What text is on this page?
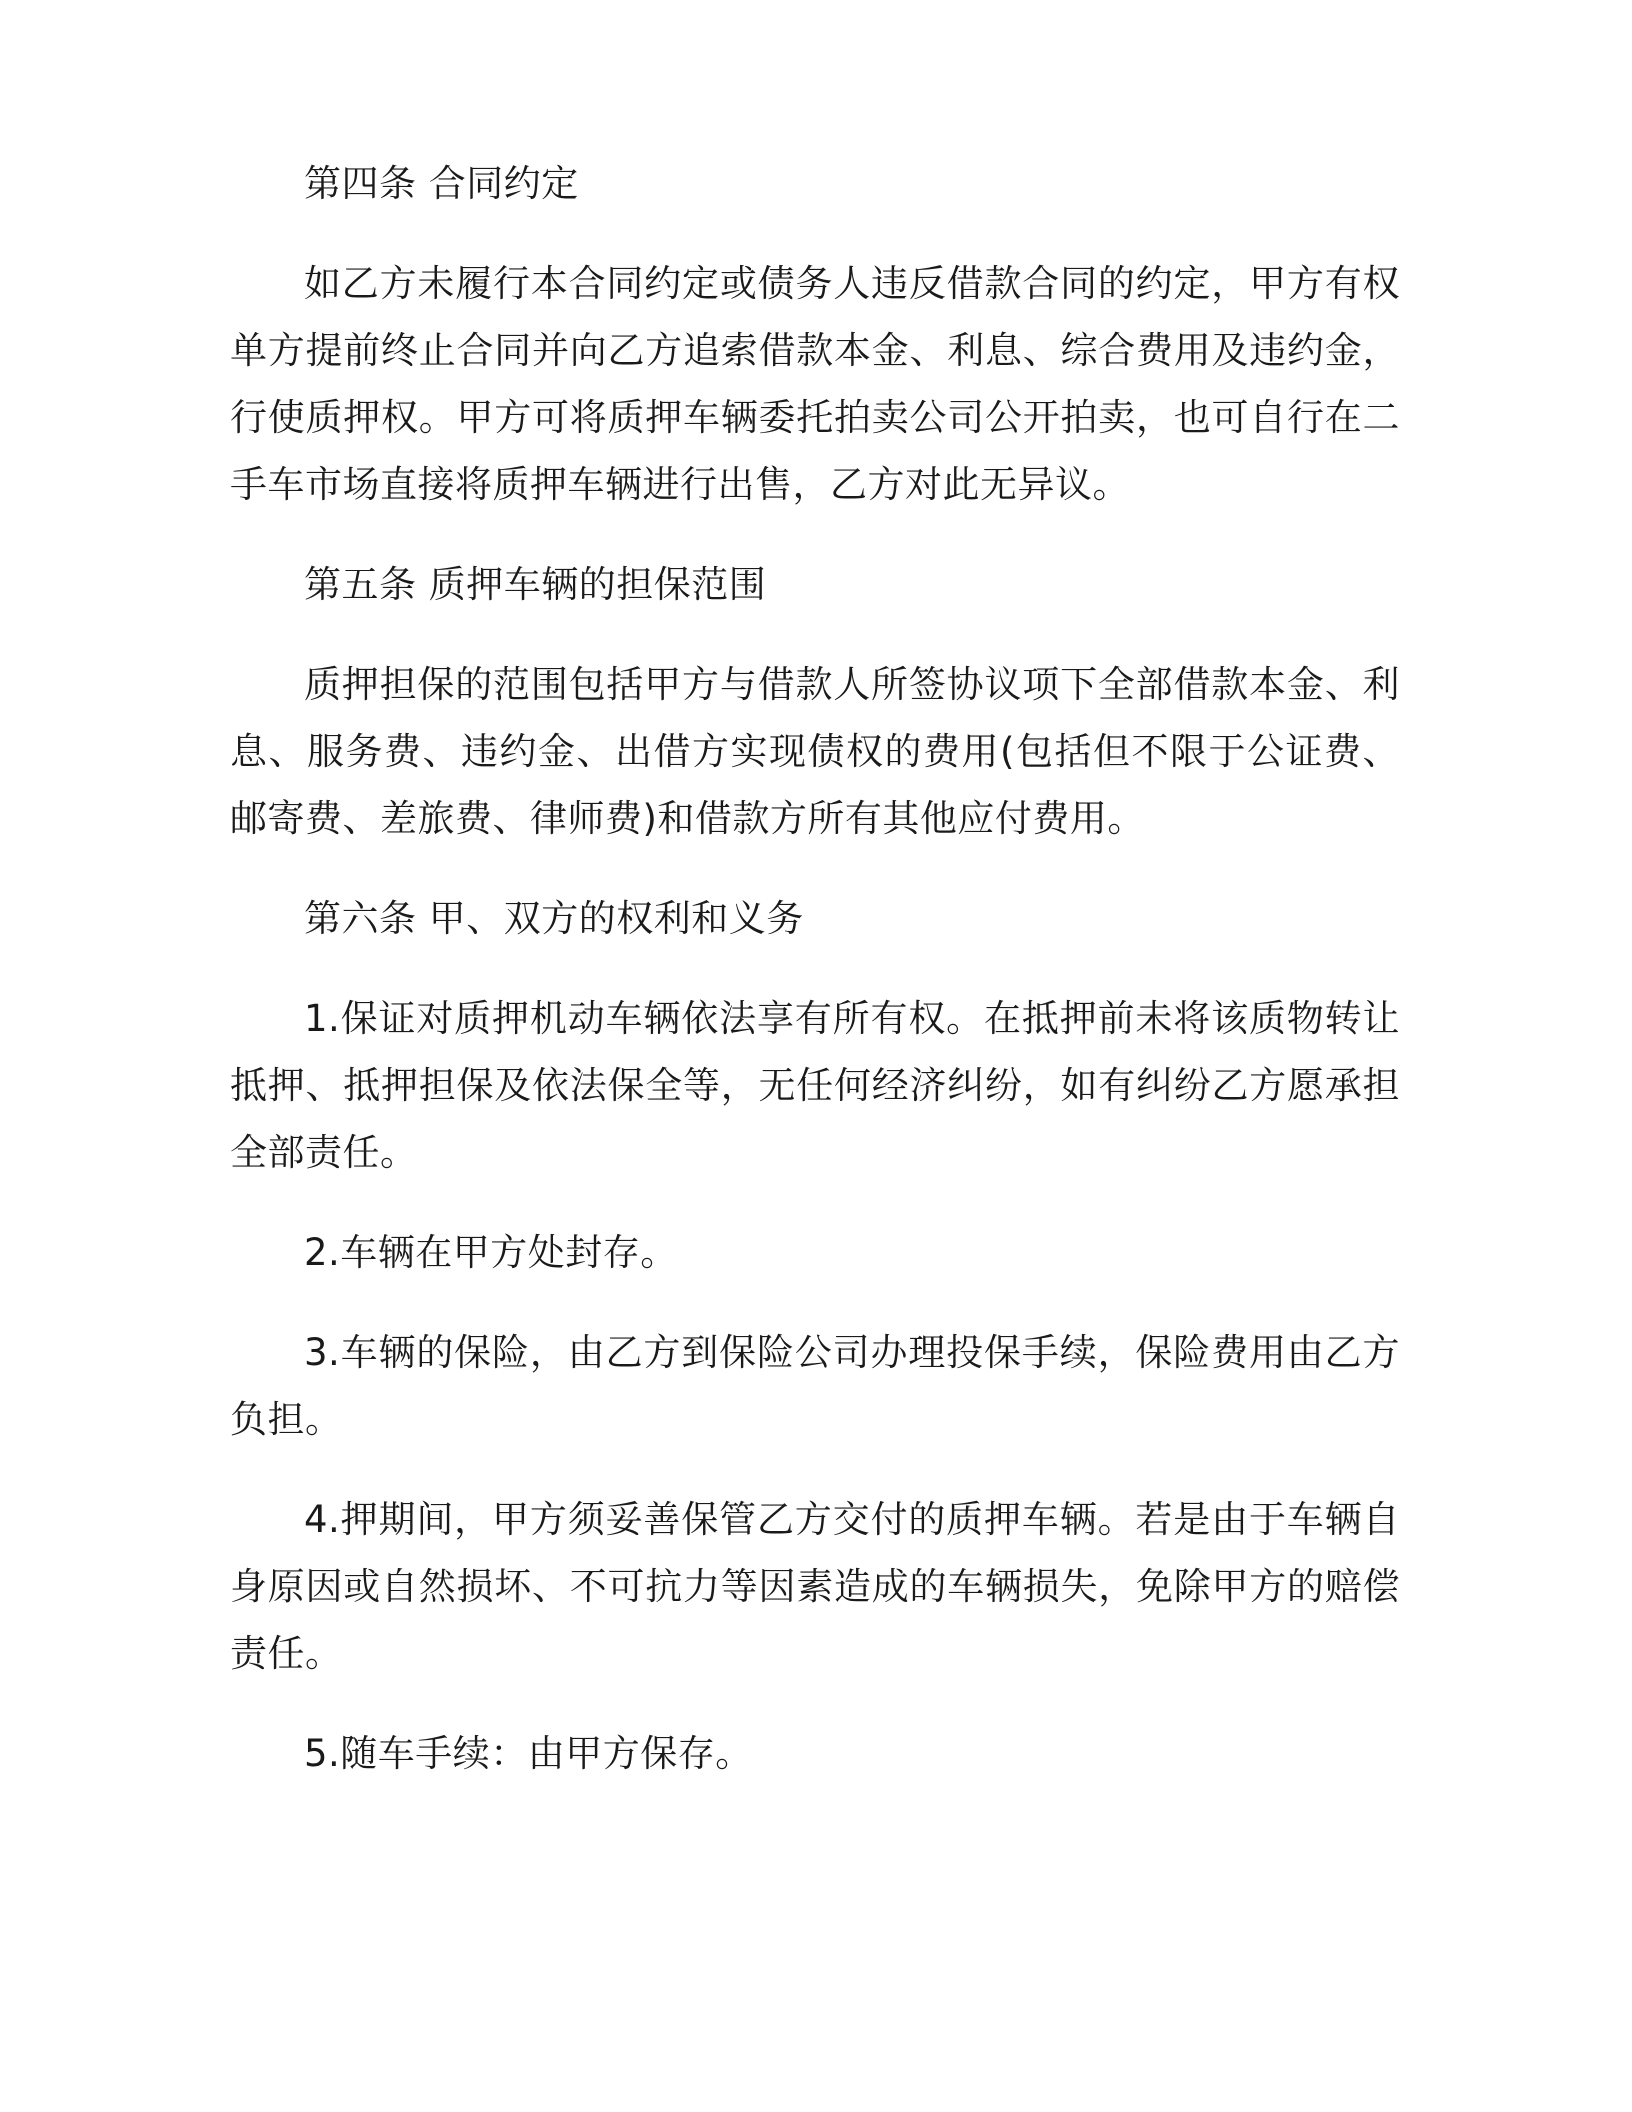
第四条 合同约定

如乙方未履行本合同约定或债务人违反借款合同的约定，甲方有权单方提前终止合同并向乙方追索借款本金、利息、综合费用及违约金，行使质押权。甲方可将质押车辆委托拍卖公司公开拍卖，也可自行在二手车市场直接将质押车辆进行出售，乙方对此无异议。

第五条 质押车辆的担保范围

质押担保的范围包括甲方与借款人所签协议项下全部借款本金、利息、服务费、违约金、出借方实现债权的费用(包括但不限于公证费、邮寄费、差旅费、律师费)和借款方所有其他应付费用。

第六条 甲、双方的权利和义务

1.保证对质押机动车辆依法享有所有权。在抵押前未将该质物转让抵押、抵押担保及依法保全等，无任何经济纠纷，如有纠纷乙方愿承担全部责任。

2.车辆在甲方处封存。

3.车辆的保险，由乙方到保险公司办理投保手续，保险费用由乙方负担。

4.押期间，甲方须妥善保管乙方交付的质押车辆。若是由于车辆自身原因或自然损坏、不可抗力等因素造成的车辆损失，免除甲方的赔偿责任。

5.随车手续：由甲方保存。
